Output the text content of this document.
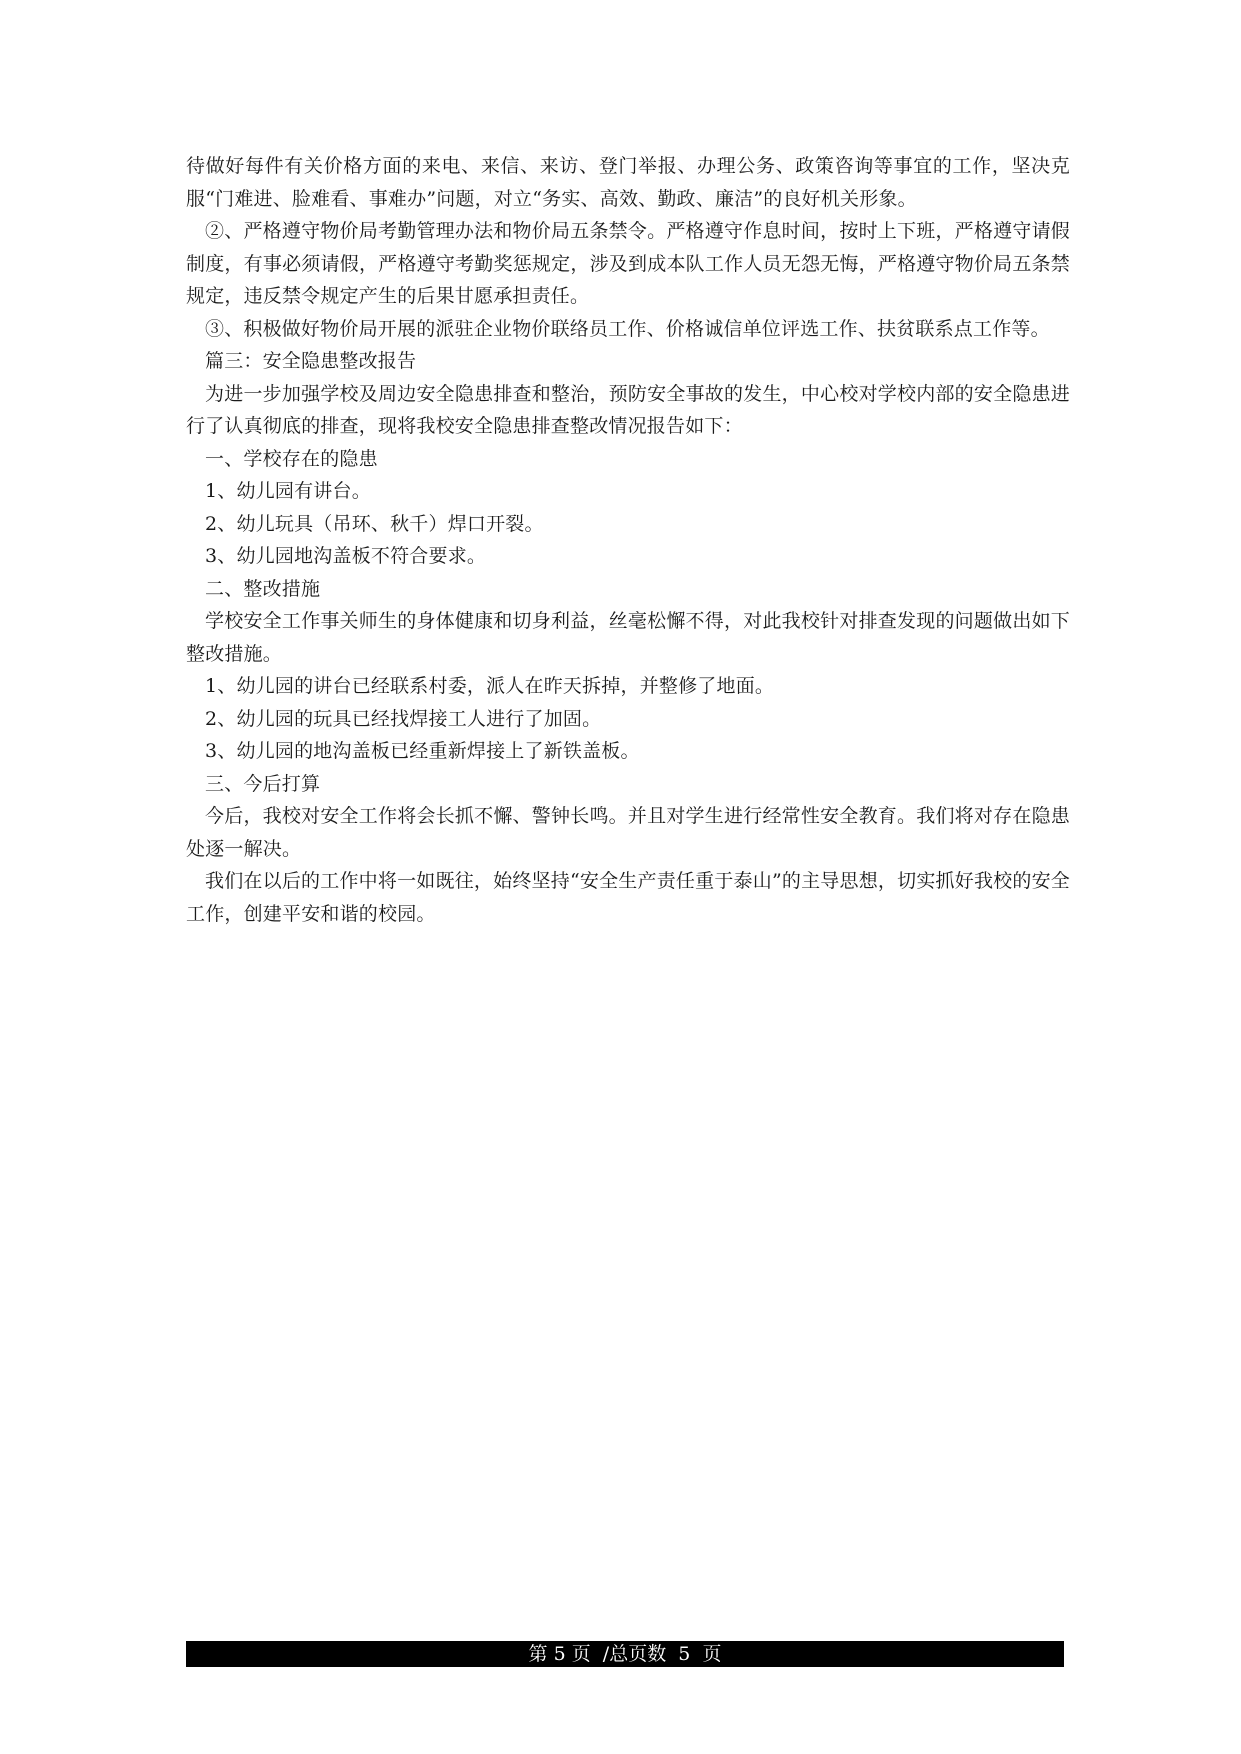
待做好每件有关价格方面的来电、来信、来访、登门举报、办理公务、政策咨询等事宜的工作，坚决克服“门难进、脸难看、事难办”问题，对立“务实、高效、勤政、廉洁”的良好机关形象。

②、严格遵守物价局考勤管理办法和物价局五条禁令。严格遵守作息时间，按时上下班，严格遵守请假制度，有事必须请假，严格遵守考勤奖惩规定，涉及到成本队工作人员无怨无悔，严格遵守物价局五条禁规定，违反禁令规定产生的后果甘愿承担责任。

③、积极做好物价局开展的派驻企业物价联络员工作、价格诚信单位评选工作、扶贫联系点工作等。

篇三：安全隐患整改报告

为进一步加强学校及周边安全隐患排查和整治，预防安全事故的发生，中心校对学校内部的安全隐患进行了认真彻底的排查，现将我校安全隐患排查整改情况报告如下：

一、学校存在的隐患

1、幼儿园有讲台。

2、幼儿玩具（吊环、秋千）焊口开裂。

3、幼儿园地沟盖板不符合要求。

二、整改措施

学校安全工作事关师生的身体健康和切身利益，丝毫松懈不得，对此我校针对排查发现的问题做出如下整改措施。

1、幼儿园的讲台已经联系村委，派人在昨天拆掉，并整修了地面。

2、幼儿园的玩具已经找焊接工人进行了加固。

3、幼儿园的地沟盖板已经重新焊接上了新铁盖板。

三、今后打算

今后，我校对安全工作将会长抓不懈、警钟长鸣。并且对学生进行经常性安全教育。我们将对存在隐患处逐一解决。

我们在以后的工作中将一如既往，始终坚持“安全生产责任重于泰山”的主导思想，切实抓好我校的安全工作，创建平安和谐的校园。

第 5 页  /总页数  5  页
